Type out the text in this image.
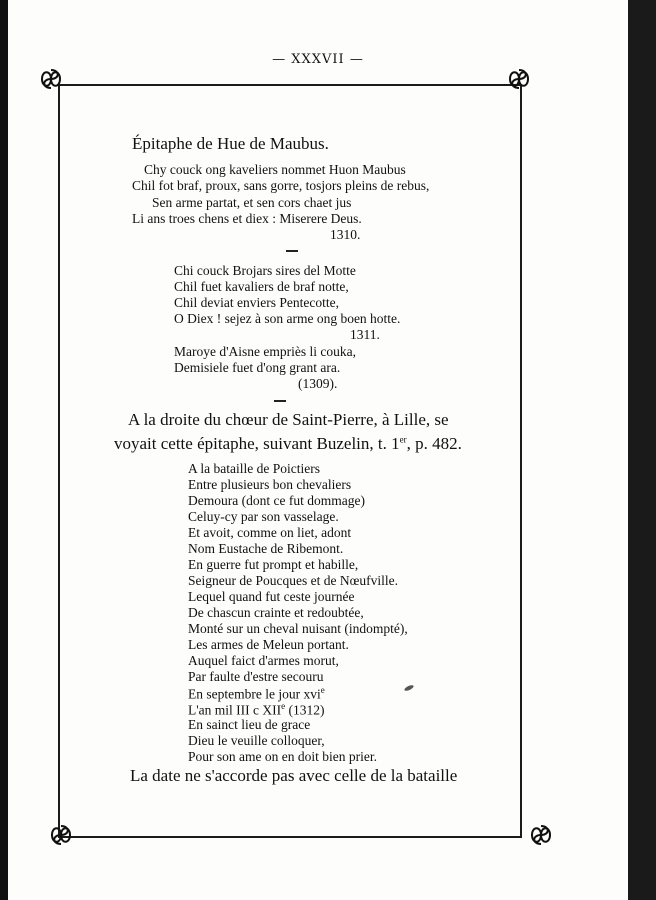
— XXXVII —
Épitaphe de Hue de Maubus.
Chy couck ong kaveliers nommet Huon Maubus
Chil fot braf, proux, sans gorre, tosjors pleins de rebus,
Sen arme partat, et sen cors chaet jus
Li ans troes chens et diex : Miserere Deus.
1310.
Chi couck Brojars sires del Motte
Chil fuet kavaliers de braf notte,
Chil deviat enviers Pentecotte,
O Diex ! sejez à son arme ong boen hotte.
1311.
Maroye d'Aisne empriès li couka,
Demisiele fuet d'ong grant ara.
(1309).
A la droite du chœur de Saint-Pierre, à Lille, se
voyait cette épitaphe, suivant Buzelin, t. 1er, p. 482.
A la bataille de Poictiers
Entre plusieurs bon chevaliers
Demoura (dont ce fut dommage)
Celuy-cy par son vasselage.
Et avoit, comme on liet, adont
Nom Eustache de Ribemont.
En guerre fut prompt et habille,
Seigneur de Poucques et de Nœufville.
Lequel quand fut ceste journée
De chascun crainte et redoubtée,
Monté sur un cheval nuisant (indompté),
Les armes de Meleun portant.
Auquel faict d'armes morut,
Par faulte d'estre secouru
En septembre le jour xvi$^e$
L'an mil III c XIIe (1312)
En sainct lieu de grace
Dieu le veuille colloquer,
Pour son ame on en doit bien prier.
La date ne s'accorde pas avec celle de la bataille
